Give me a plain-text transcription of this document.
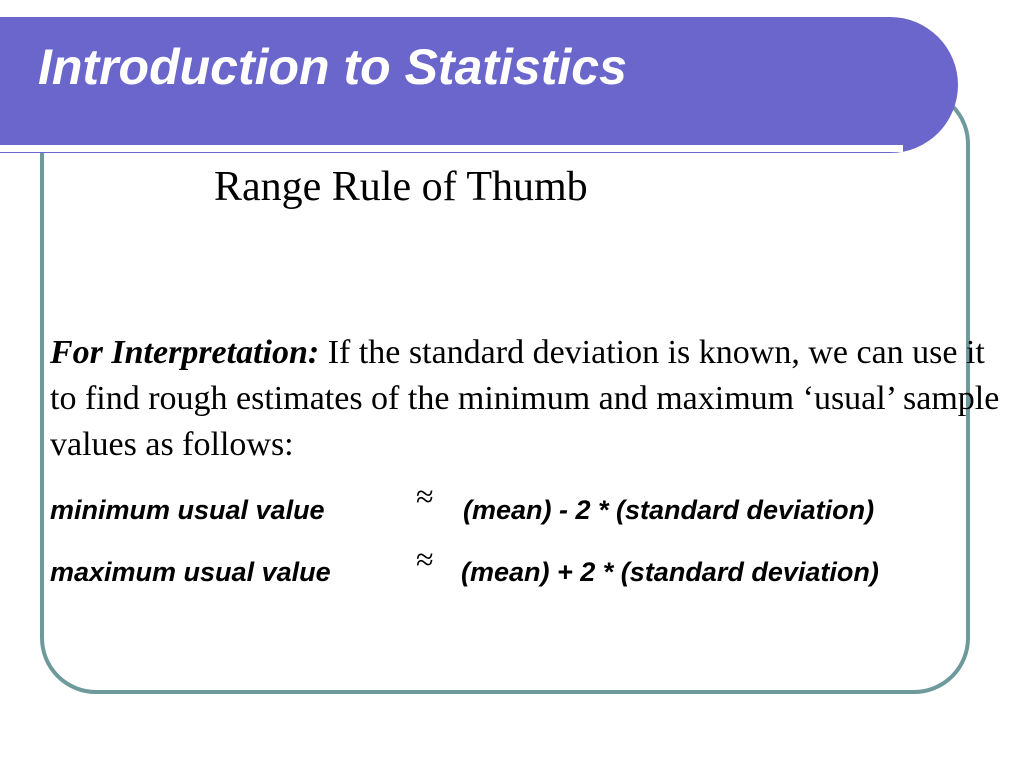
Introduction to Statistics
Range Rule of Thumb
For Interpretation: If the standard deviation is known, we can use it to find rough estimates of the minimum and maximum ‘usual’ sample values as follows:
minimum usual value	≈ (mean) - 2 * (standard deviation)
maximum usual value	≈ (mean) + 2 * (standard deviation)
